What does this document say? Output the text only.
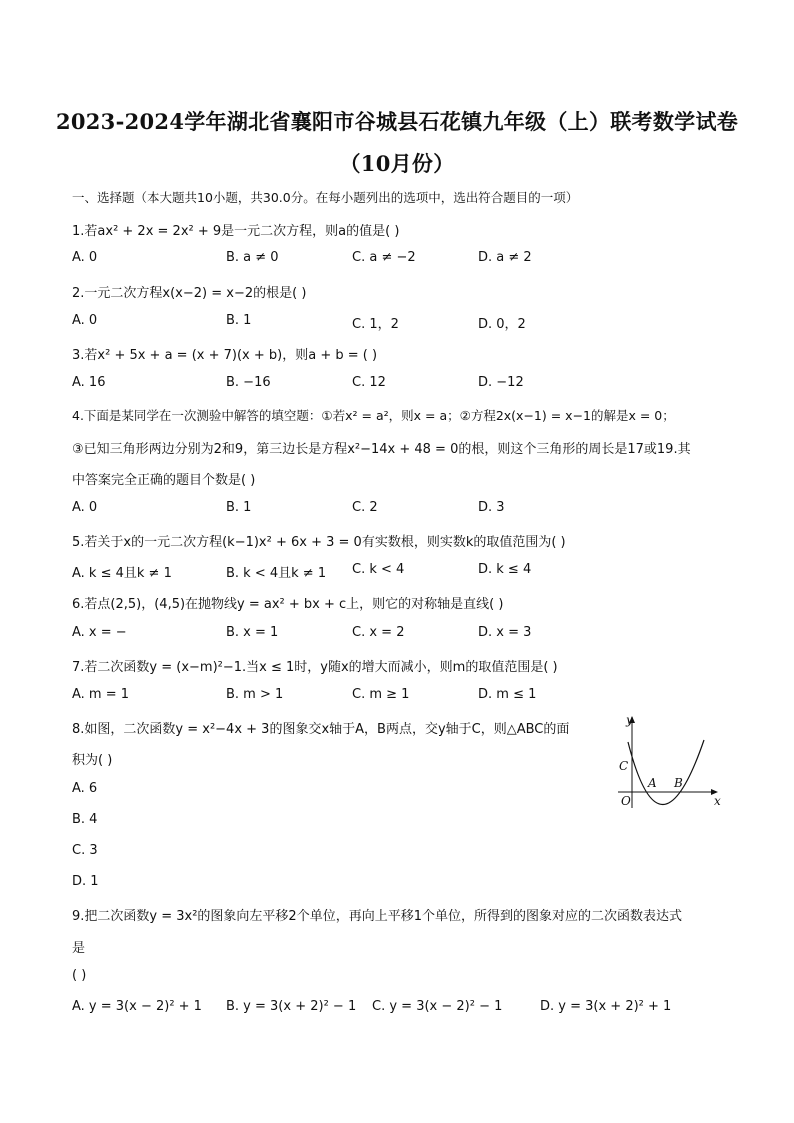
2023-2024学年湖北省襄阳市谷城县石花镇九年级（上）联考数学试卷
（10月份）
一、选择题（本大题共10小题，共30.0分。在每小题列出的选项中，选出符合题目的一项）
1.若ax² + 2x = 2x² + 9是一元二次方程，则a的值是( )
A. 0	B. a ≠ 0	C. a ≠ −2	D. a ≠ 2
2.一元二次方程x(x−2) = x−2的根是( )
A. 0	B. 1	C. 1，2	D. 0，2
3.若x² + 5x + a = (x + 7)(x + b)，则a + b = ( )
A. 16	B. −16	C. 12	D. −12
4.下面是某同学在一次测验中解答的填空题：①若x² = a²，则x = a；②方程2x(x−1) = x−1的解是x = 0；
③已知三角形两边分别为2和9，第三边长是方程x²−14x + 48 = 0的根，则这个三角形的周长是17或19.其
中答案完全正确的题目个数是( )
A. 0	B. 1	C. 2	D. 3
5.若关于x的一元二次方程(k−1)x² + 6x + 3 = 0有实数根，则实数k的取值范围为( )
A. k ≤ 4且k ≠ 1	B. k < 4且k ≠ 1 C. k < 4	D. k ≤ 4
6.若点(2,5)，(4,5)在抛物线y = ax² + bx + c上，则它的对称轴是直线( )
A. x = −	B. x = 1	C. x = 2	D. x = 3
7.若二次函数y = (x−m)²−1.当x ≤ 1时，y随x的增大而减小，则m的取值范围是( )
A. m = 1	B. m > 1	C. m ≥ 1	D. m ≤ 1
8.如图，二次函数y = x²−4x + 3的图象交x轴于A，B两点，交y轴于C，则△ABC的面
积为( )
A. 6
B. 4
C. 3
D. 1
y
x
C
A B
O
9.把二次函数y = 3x²的图象向左平移2个单位，再向上平移1个单位，所得到的图象对应的二次函数表达式
是
( )
A. y = 3(x − 2)² + 1 B. y = 3(x + 2)² − 1 C. y = 3(x − 2)² − 1	D. y = 3(x + 2)² + 1
